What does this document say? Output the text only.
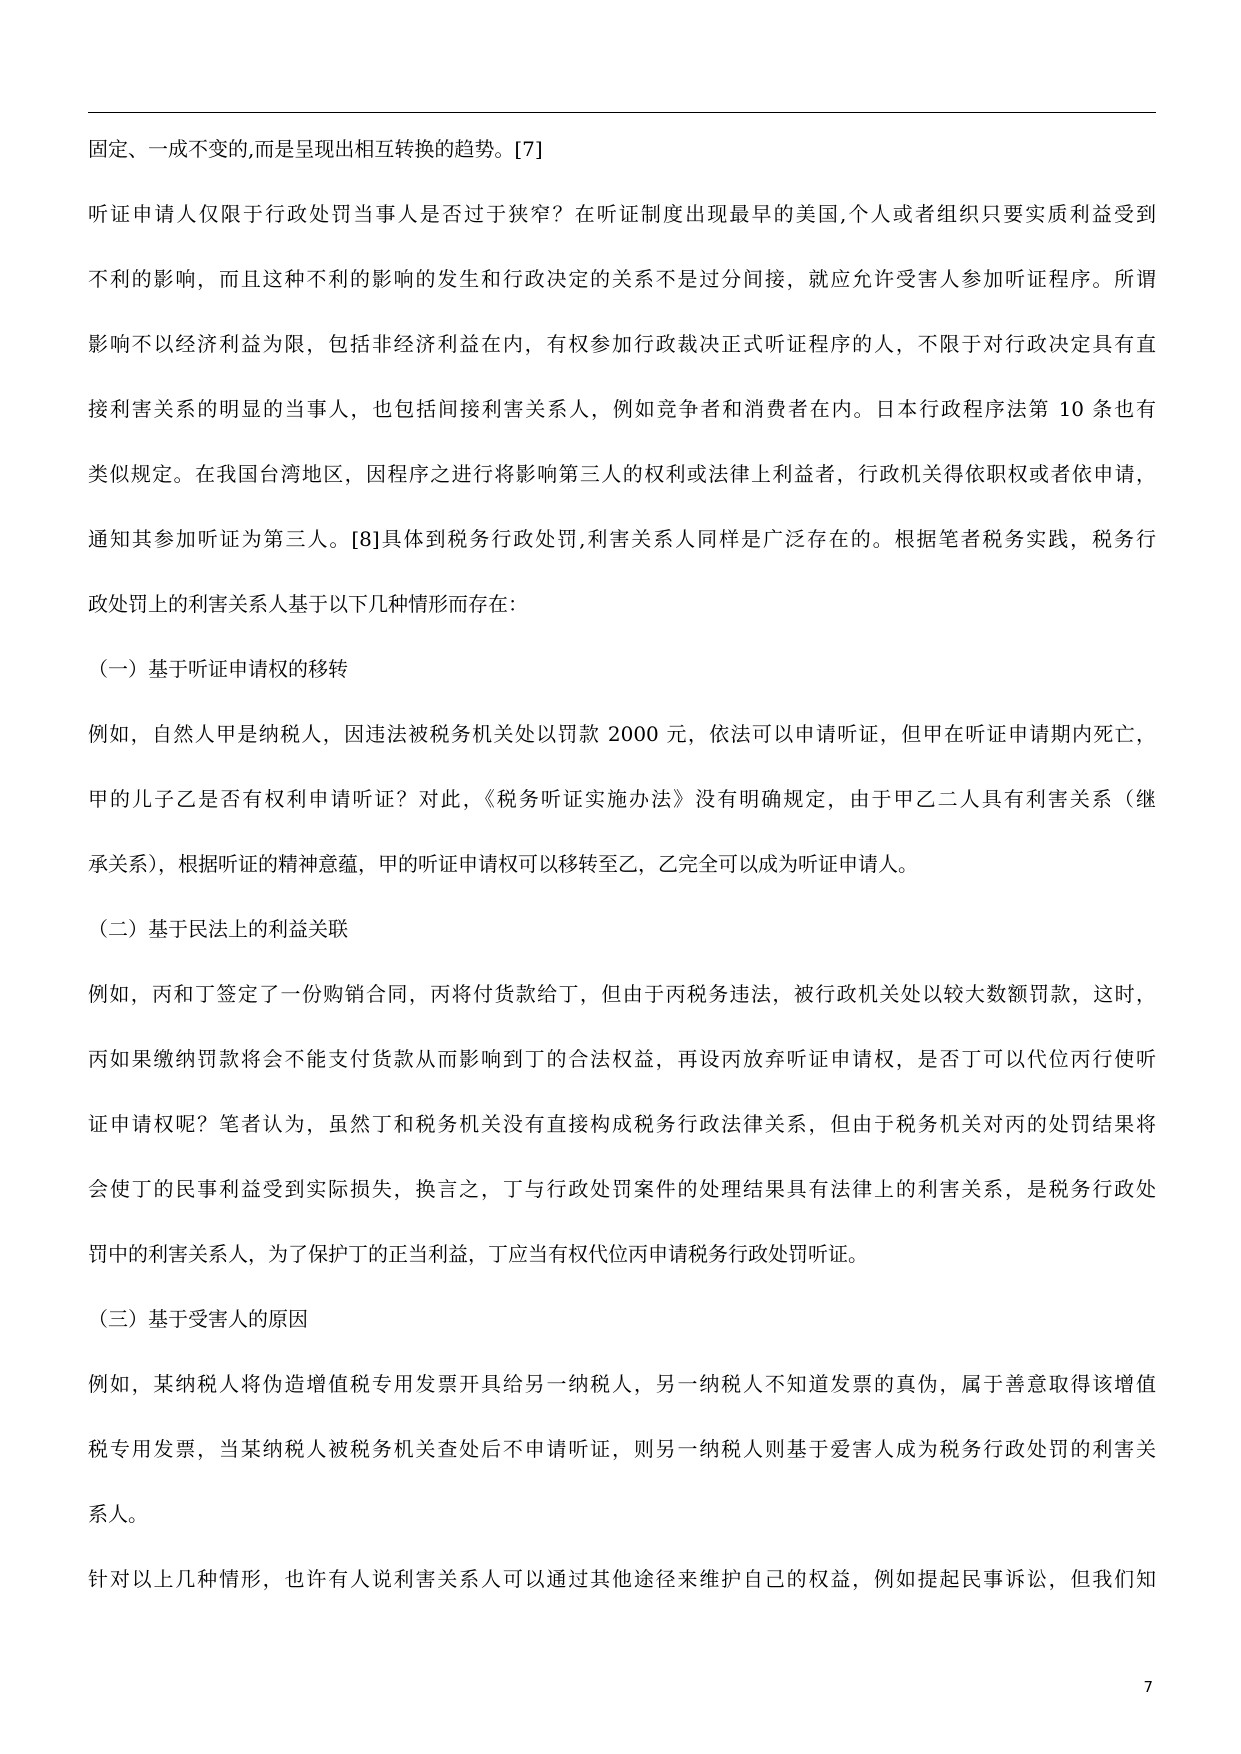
固定、一成不变的,而是呈现出相互转换的趋势。[7]
听证申请人仅限于行政处罚当事人是否过于狭窄？在听证制度出现最早的美国,个人或者组织只要实质利益受到
不利的影响，而且这种不利的影响的发生和行政决定的关系不是过分间接，就应允许受害人参加听证程序。所谓
影响不以经济利益为限，包括非经济利益在内，有权参加行政裁决正式听证程序的人，不限于对行政决定具有直
接利害关系的明显的当事人，也包括间接利害关系人，例如竞争者和消费者在内。日本行政程序法第 10 条也有
类似规定。在我国台湾地区，因程序之进行将影响第三人的权利或法律上利益者，行政机关得依职权或者依申请，
通知其参加听证为第三人。[8]具体到税务行政处罚,利害关系人同样是广泛存在的。根据笔者税务实践，税务行
政处罚上的利害关系人基于以下几种情形而存在：
（一）基于听证申请权的移转
例如，自然人甲是纳税人，因违法被税务机关处以罚款 2000 元，依法可以申请听证，但甲在听证申请期内死亡，
甲的儿子乙是否有权利申请听证？对此，《税务听证实施办法》没有明确规定，由于甲乙二人具有利害关系（继
承关系），根据听证的精神意蕴，甲的听证申请权可以移转至乙，乙完全可以成为听证申请人。
（二）基于民法上的利益关联
例如，丙和丁签定了一份购销合同，丙将付货款给丁，但由于丙税务违法，被行政机关处以较大数额罚款，这时，
丙如果缴纳罚款将会不能支付货款从而影响到丁的合法权益，再设丙放弃听证申请权，是否丁可以代位丙行使听
证申请权呢？笔者认为，虽然丁和税务机关没有直接构成税务行政法律关系，但由于税务机关对丙的处罚结果将
会使丁的民事利益受到实际损失，换言之，丁与行政处罚案件的处理结果具有法律上的利害关系，是税务行政处
罚中的利害关系人，为了保护丁的正当利益，丁应当有权代位丙申请税务行政处罚听证。
（三）基于受害人的原因
例如，某纳税人将伪造增值税专用发票开具给另一纳税人，另一纳税人不知道发票的真伪，属于善意取得该增值
税专用发票，当某纳税人被税务机关查处后不申请听证，则另一纳税人则基于爱害人成为税务行政处罚的利害关
系人。
针对以上几种情形，也许有人说利害关系人可以通过其他途径来维护自己的权益，例如提起民事诉讼，但我们知
7
